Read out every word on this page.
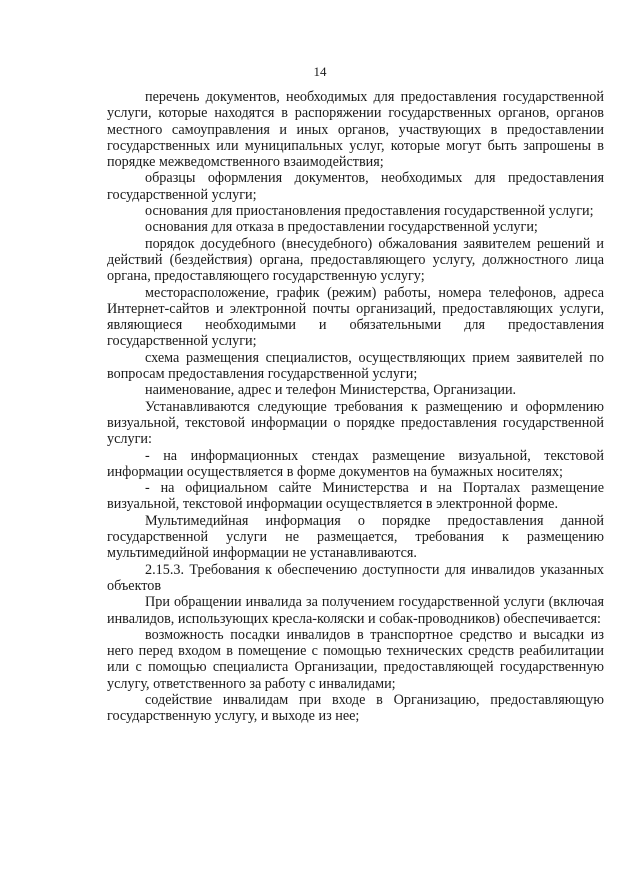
14

перечень документов, необходимых для предоставления государственной услуги, которые находятся в распоряжении государственных органов, органов местного самоуправления и иных органов, участвующих в предоставлении государственных или муниципальных услуг, которые могут быть запрошены в порядке межведомственного взаимодействия;

образцы оформления документов, необходимых для предоставления государственной услуги;

основания для приостановления предоставления государственной услуги;

основания для отказа в предоставлении государственной услуги;

порядок досудебного (внесудебного) обжалования заявителем решений и действий (бездействия) органа, предоставляющего услугу, должностного лица органа, предоставляющего государственную услугу;

месторасположение, график (режим) работы, номера телефонов, адреса Интернет-сайтов и электронной почты организаций, предоставляющих услуги, являющиеся необходимыми и обязательными для предоставления государственной услуги;

схема размещения специалистов, осуществляющих прием заявителей по вопросам предоставления государственной услуги;

наименование, адрес и телефон Министерства, Организации.

Устанавливаются следующие требования к размещению и оформлению визуальной, текстовой информации о порядке предоставления государственной услуги:

- на информационных стендах размещение визуальной, текстовой информации осуществляется в форме документов на бумажных носителях;

- на официальном сайте Министерства и на Порталах размещение визуальной, текстовой информации осуществляется в электронной форме.

Мультимедийная информация о порядке предоставления данной государственной услуги не размещается, требования к размещению мультимедийной информации не устанавливаются.

2.15.3. Требования к обеспечению доступности для инвалидов указанных объектов

При обращении инвалида за получением государственной услуги (включая инвалидов, использующих кресла-коляски и собак-проводников) обеспечивается:

возможность посадки инвалидов в транспортное средство и высадки из него перед входом в помещение с помощью технических средств реабилитации или с помощью специалиста Организации, предоставляющей государственную услугу, ответственного за работу с инвалидами;

содействие инвалидам при входе в Организацию, предоставляющую государственную услугу, и выходе из нее;
